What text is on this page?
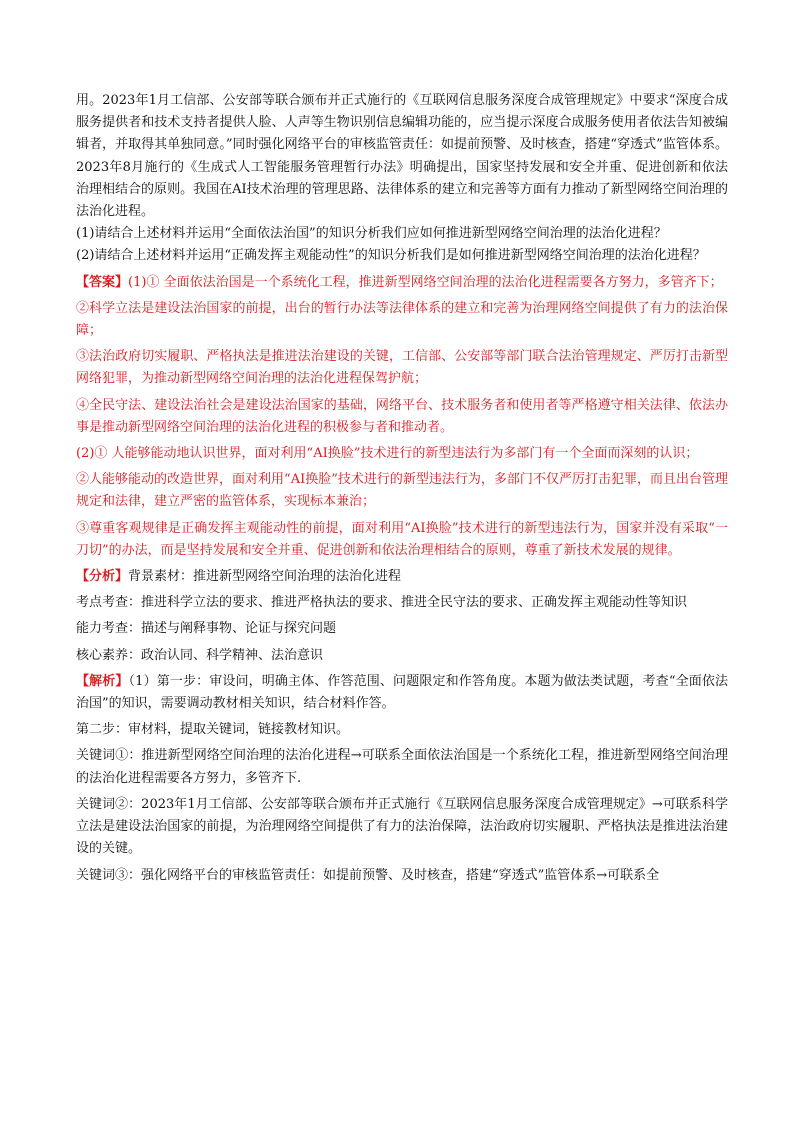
用。2023年1月工信部、公安部等联合颁布并正式施行的《互联网信息服务深度合成管理规定》中要求“深度合成服务提供者和技术支持者提供人脸、人声等生物识别信息编辑功能的，应当提示深度合成服务使用者依法告知被编辑者，并取得其单独同意。”同时强化网络平台的审核监管责任：如提前预警、及时核查，搭建“穿透式”监管体系。2023年8月施行的《生成式人工智能服务管理暂行办法》明确提出，国家坚持发展和安全并重、促进创新和依法治理相结合的原则。我国在AI技术治理的管理思路、法律体系的建立和完善等方面有力推动了新型网络空间治理的法治化进程。

(1)请结合上述材料并运用“全面依法治国”的知识分析我们应如何推进新型网络空间治理的法治化进程？

(2)请结合上述材料并运用“正确发挥主观能动性”的知识分析我们是如何推进新型网络空间治理的法治化进程？

【答案】(1)① 全面依法治国是一个系统化工程，推进新型网络空间治理的法治化进程需要各方努力，多管齐下；

②科学立法是建设法治国家的前提，出台的暂行办法等法律体系的建立和完善为治理网络空间提供了有力的法治保障；

③法治政府切实履职、严格执法是推进法治建设的关键，工信部、公安部等部门联合法治管理规定、严厉打击新型网络犯罪，为推动新型网络空间治理的法治化进程保驾护航；

④全民守法、建设法治社会是建设法治国家的基础，网络平台、技术服务者和使用者等严格遵守相关法律、依法办事是推动新型网络空间治理的法治化进程的积极参与者和推动者。

(2)① 人能够能动地认识世界，面对利用“AI换脸”技术进行的新型违法行为多部门有一个全面而深刻的认识；

②人能够能动的改造世界，面对利用“AI换脸”技术进行的新型违法行为，多部门不仅严厉打击犯罪，而且出台管理规定和法律，建立严密的监管体系，实现标本兼治；

③尊重客观规律是正确发挥主观能动性的前提，面对利用“AI换脸”技术进行的新型违法行为，国家并没有采取“一刀切”的办法，而是坚持发展和安全并重、促进创新和依法治理相结合的原则，尊重了新技术发展的规律。

【分析】背景素材：推进新型网络空间治理的法治化进程

考点考查：推进科学立法的要求、推进严格执法的要求、推进全民守法的要求、正确发挥主观能动性等知识

能力考查：描述与阐释事物、论证与探究问题

核心素养：政治认同、科学精神、法治意识

【解析】（1）第一步：审设问，明确主体、作答范围、问题限定和作答角度。本题为做法类试题，考查“全面依法治国”的知识，需要调动教材相关知识，结合材料作答。

第二步：审材料，提取关键词，链接教材知识。

关键词①：推进新型网络空间治理的法治化进程→可联系全面依法治国是一个系统化工程，推进新型网络空间治理的法治化进程需要各方努力，多管齐下.

关键词②：2023年1月工信部、公安部等联合颁布并正式施行《互联网信息服务深度合成管理规定》→可联系科学立法是建设法治国家的前提，为治理网络空间提供了有力的法治保障，法治政府切实履职、严格执法是推进法治建设的关键。

关键词③：强化网络平台的审核监管责任：如提前预警、及时核查，搭建“穿透式”监管体系→可联系全
